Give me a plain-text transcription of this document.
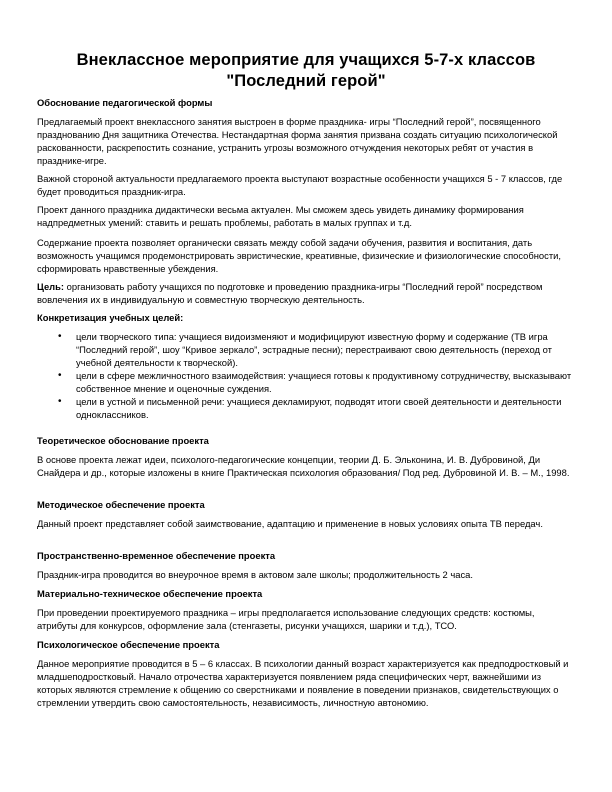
Внеклассное мероприятие для учащихся 5-7-х классов
"Последний герой"
Обоснование педагогической формы

Предлагаемый проект внеклассного занятия выстроен в форме праздника- игры “Последний герой”, посвященного празднованию Дня защитника Отечества. Нестандартная форма занятия призвана создать ситуацию психологической раскованности, раскрепостить сознание, устранить угрозы возможного отчуждения некоторых ребят от участия в празднике-игре.

Важной стороной актуальности предлагаемого проекта выступают возрастные особенности учащихся 5 - 7 классов, где будет проводиться праздник-игра.

Проект данного праздника дидактически весьма актуален. Мы сможем здесь увидеть динамику формирования надпредметных умений: ставить и решать проблемы, работать в малых группах и т.д.

Содержание проекта позволяет органически связать между собой задачи обучения, развития и воспитания, дать возможность учащимся продемонстрировать эвристические, креативные, физические и физиологические способности, сформировать нравственные убеждения.

Цель: организовать работу учащихся по подготовке и проведению праздника-игры “Последний герой” посредством вовлечения их в индивидуальную и совместную творческую деятельность.

Конкретизация учебных целей:
• цели творческого типа: учащиеся видоизменяют и модифицируют известную форму и содержание (ТВ игра “Последний герой”, шоу “Кривое зеркало”, эстрадные песни); перестраивают свою деятельность (переход от учебной деятельности к творческой).
• цели в сфере межличностного взаимодействия: учащиеся готовы к продуктивному сотрудничеству, высказывают собственное мнение и оценочные суждения.
• цели в устной и письменной речи: учащиеся декламируют, подводят итоги своей деятельности и деятельности одноклассников.
Теоретическое обоснование проекта

В основе проекта лежат идеи, психолого-педагогические концепции, теории Д. Б. Эльконина, И. В. Дубровиной, Ди Снайдера и др., которые изложены в книге Практическая психология образования/ Под ред. Дубровиной И. В. – М., 1998.

Методическое обеспечение проекта

Данный проект представляет собой заимствование, адаптацию и применение в новых условиях опыта ТВ передач.

Пространственно-временное обеспечение проекта

Праздник-игра проводится во внеурочное время в актовом зале школы; продолжительность 2 часа.

Материально-техническое обеспечение проекта

При проведении проектируемого праздника – игры предполагается использование следующих средств: костюмы, атрибуты для конкурсов, оформление зала (стенгазеты, рисунки учащихся, шарики и т.д.), ТСО.

Психологическое обеспечение проекта

Данное мероприятие проводится в 5 – 6 классах. В психологии данный возраст характеризуется как предподростковый и младшеподростковый. Начало отрочества характеризуется появлением ряда специфических черт, важнейшими из которых являются стремление к общению со сверстниками и появление в поведении признаков, свидетельствующих о стремлении утвердить свою самостоятельность, независимость, личностную автономию.
